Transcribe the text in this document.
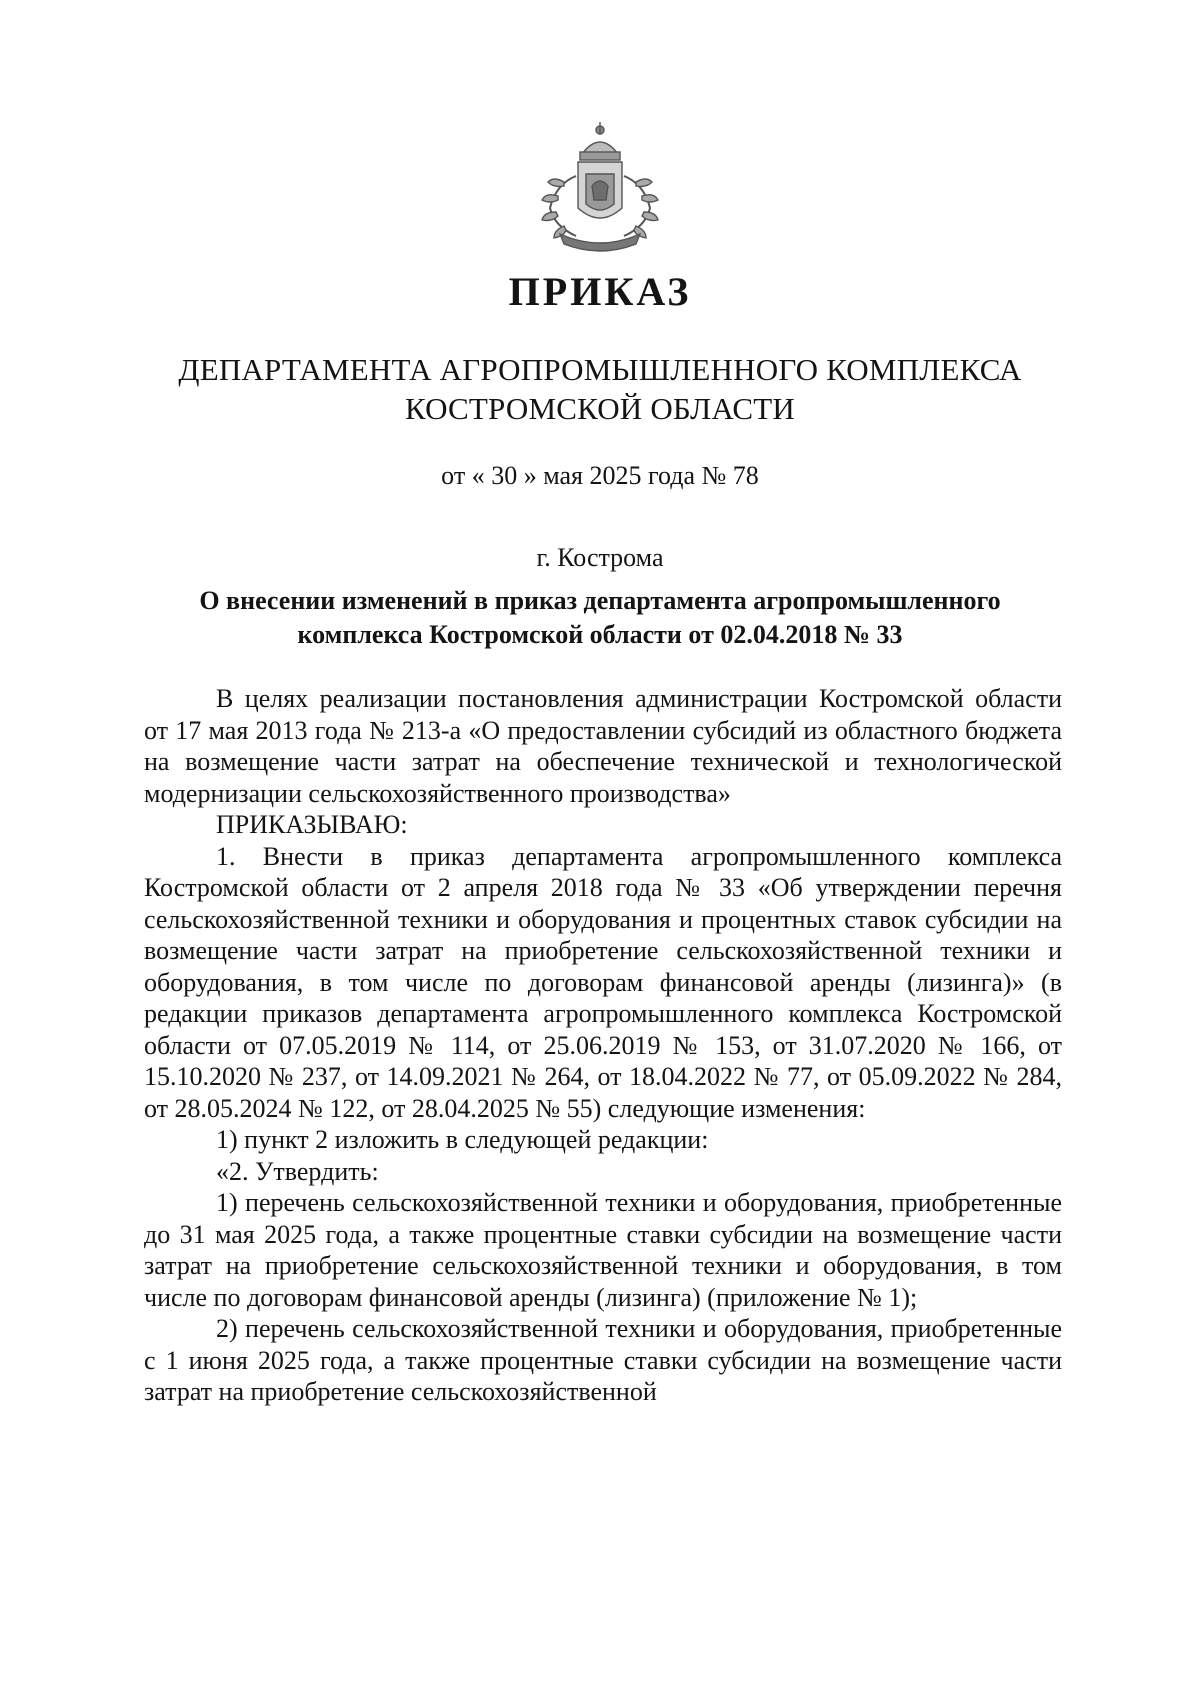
ПРИКАЗ
ДЕПАРТАМЕНТА АГРОПРОМЫШЛЕННОГО КОМПЛЕКСА
КОСТРОМСКОЙ ОБЛАСТИ
от « 30 » мая 2025 года № 78
г. Кострома
О внесении изменений в приказ департамента агропромышленного
комплекса Костромской области от 02.04.2018 № 33

В целях реализации постановления администрации Костромской области от 17 мая 2013 года № 213-а «О предоставлении субсидий из областного бюджета на возмещение части затрат на обеспечение технической и технологической модернизации сельскохозяйственного производства»

ПРИКАЗЫВАЮ:

1. Внести в приказ департамента агропромышленного комплекса Костромской области от 2 апреля 2018 года № 33 «Об утверждении перечня сельскохозяйственной техники и оборудования и процентных ставок субсидии на возмещение части затрат на приобретение сельскохозяйственной техники и оборудования, в том числе по договорам финансовой аренды (лизинга)» (в редакции приказов департамента агропромышленного комплекса Костромской области от 07.05.2019 № 114, от 25.06.2019 № 153, от 31.07.2020 № 166, от 15.10.2020 № 237, от 14.09.2021 № 264, от 18.04.2022 № 77, от 05.09.2022 № 284, от 28.05.2024 № 122, от 28.04.2025 № 55) следующие изменения:

1) пункт 2 изложить в следующей редакции:

«2. Утвердить:

1) перечень сельскохозяйственной техники и оборудования, приобретенные до 31 мая 2025 года, а также процентные ставки субсидии на возмещение части затрат на приобретение сельскохозяйственной техники и оборудования, в том числе по договорам финансовой аренды (лизинга) (приложение № 1);

2) перечень сельскохозяйственной техники и оборудования, приобретенные с 1 июня 2025 года, а также процентные ставки субсидии на возмещение части затрат на приобретение сельскохозяйственной
